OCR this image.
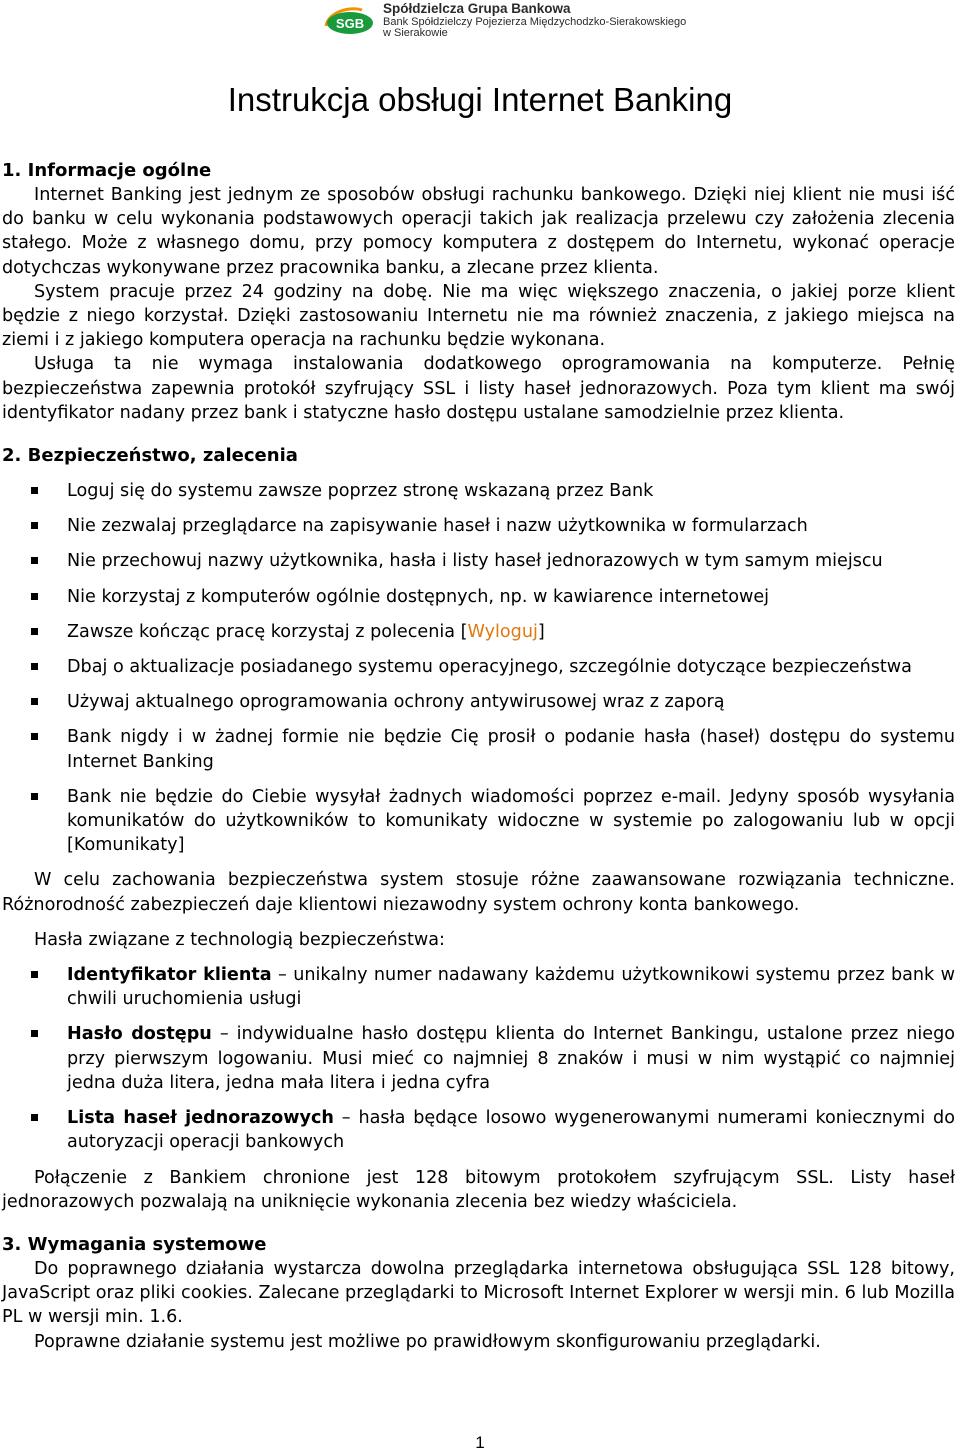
SGB
Spółdzielcza Grupa Bankowa
Bank Spółdzielczy Pojezierza Międzychodzko-Sierakowskiego
w Sierakowie
Instrukcja obsługi Internet Banking
1. Informacje ogólne

Internet Banking jest jednym ze sposobów obsługi rachunku bankowego. Dzięki niej klient nie musi iść do banku w celu wykonania podstawowych operacji takich jak realizacja przelewu czy założenia zlecenia stałego. Może z własnego domu, przy pomocy komputera z dostępem do Internetu, wykonać operacje dotychczas wykonywane przez pracownika banku, a zlecane przez klienta.

System pracuje przez 24 godziny na dobę. Nie ma więc większego znaczenia, o jakiej porze klient będzie z niego korzystał. Dzięki zastosowaniu Internetu nie ma również znaczenia, z jakiego miejsca na ziemi i z jakiego komputera operacja na rachunku będzie wykonana.

Usługa ta nie wymaga instalowania dodatkowego oprogramowania na komputerze. Pełnię bezpieczeństwa zapewnia protokół szyfrujący SSL i listy haseł jednorazowych. Poza tym klient ma swój identyfikator nadany przez bank i statyczne hasło dostępu ustalane samodzielnie przez klienta.

2. Bezpieczeństwo, zalecenia
Loguj się do systemu zawsze poprzez stronę wskazaną przez Bank
Nie zezwalaj przeglądarce na zapisywanie haseł i nazw użytkownika w formularzach
Nie przechowuj nazwy użytkownika, hasła i listy haseł jednorazowych w tym samym miejscu
Nie korzystaj z komputerów ogólnie dostępnych, np. w kawiarence internetowej
Zawsze kończąc pracę korzystaj z polecenia [Wyloguj]
Dbaj o aktualizacje posiadanego systemu operacyjnego, szczególnie dotyczące bezpieczeństwa
Używaj aktualnego oprogramowania ochrony antywirusowej wraz z zaporą
Bank nigdy i w żadnej formie nie będzie Cię prosił o podanie hasła (haseł) dostępu do systemu Internet Banking
Bank nie będzie do Ciebie wysyłał żadnych wiadomości poprzez e-mail. Jedyny sposób wysyłania komunikatów do użytkowników to komunikaty widoczne w systemie po zalogowaniu lub w opcji [Komunikaty]

W celu zachowania bezpieczeństwa system stosuje różne zaawansowane rozwiązania techniczne. Różnorodność zabezpieczeń daje klientowi niezawodny system ochrony konta bankowego.

Hasła związane z technologią bezpieczeństwa:

Identyfikator klienta – unikalny numer nadawany każdemu użytkownikowi systemu przez bank w chwili uruchomienia usługi
Hasło dostępu – indywidualne hasło dostępu klienta do Internet Bankingu, ustalone przez niego przy pierwszym logowaniu. Musi mieć co najmniej 8 znaków i musi w nim wystąpić co najmniej jedna duża litera, jedna mała litera i jedna cyfra
Lista haseł jednorazowych – hasła będące losowo wygenerowanymi numerami koniecznymi do autoryzacji operacji bankowych

Połączenie z Bankiem chronione jest 128 bitowym protokołem szyfrującym SSL. Listy haseł jednorazowych pozwalają na uniknięcie wykonania zlecenia bez wiedzy właściciela.

3. Wymagania systemowe

Do poprawnego działania wystarcza dowolna przeglądarka internetowa obsługująca SSL 128 bitowy, JavaScript oraz pliki cookies. Zalecane przeglądarki to Microsoft Internet Explorer w wersji min. 6 lub Mozilla PL w wersji min. 1.6.

Poprawne działanie systemu jest możliwe po prawidłowym skonfigurowaniu przeglądarki.

1
